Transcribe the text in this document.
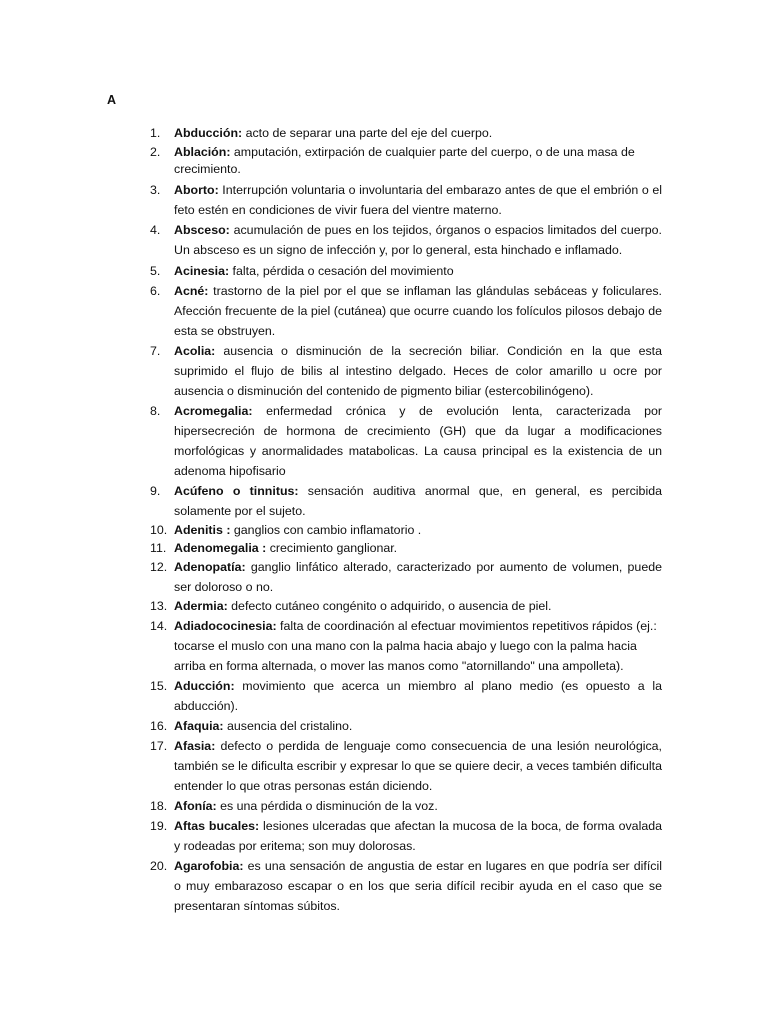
A
1.	Abducción: acto de separar una parte del eje del cuerpo.
2.	Ablación: amputación, extirpación de cualquier parte del cuerpo, o de una masa de crecimiento.
3.	Aborto: Interrupción voluntaria o involuntaria del embarazo antes de que el embrión o el feto estén en condiciones de vivir fuera del vientre materno.
4.	Absceso: acumulación de pues en los tejidos, órganos o espacios limitados del cuerpo. Un absceso es un signo de infección y, por lo general, esta hinchado e inflamado.
5.	Acinesia: falta, pérdida o cesación del movimiento
6.	Acné: trastorno de la piel por el que se inflaman las glándulas sebáceas y foliculares. Afección frecuente de la piel (cutánea) que ocurre cuando los folículos pilosos debajo de esta se obstruyen.
7.	Acolia: ausencia o disminución de la secreción biliar. Condición en la que esta suprimido el flujo de bilis al intestino delgado. Heces de color amarillo u ocre por ausencia o disminución del contenido de pigmento biliar (estercobilinógeno).
8.	Acromegalia: enfermedad crónica y de evolución lenta, caracterizada por hipersecreción de hormona de crecimiento (GH) que da lugar a modificaciones morfológicas y anormalidades matabolicas. La causa principal es la existencia de un adenoma hipofisario
9.	Acúfeno o tinnitus: sensación auditiva anormal que, en general, es percibida solamente por el sujeto.
10. Adenitis : ganglios con cambio inflamatorio .
11. Adenomegalia : crecimiento ganglionar.
12. Adenopatía: ganglio linfático alterado, caracterizado por aumento de volumen, puede ser doloroso o no.
13. Adermia: defecto cutáneo congénito o adquirido, o ausencia de piel.
14. Adiadococinesia: falta de coordinación al efectuar movimientos repetitivos rápidos (ej.: tocarse el muslo con una mano con la palma hacia abajo y luego con la palma hacia arriba en forma alternada, o mover las manos como "atornillando" una ampolleta).
15. Aducción: movimiento que acerca un miembro al plano medio (es opuesto a la abducción).
16. Afaquia: ausencia del cristalino.
17. Afasia: defecto o perdida de lenguaje como consecuencia de una lesión neurológica, también se le dificulta escribir y expresar lo que se quiere decir, a veces también dificulta entender lo que otras personas están diciendo.
18. Afonía: es una pérdida o disminución de la voz.
19. Aftas bucales: lesiones ulceradas que afectan la mucosa de la boca, de forma ovalada y rodeadas por eritema; son muy dolorosas.
20. Agarofobia: es una sensación de angustia de estar en lugares en que podría ser difícil o muy embarazoso escapar o en los que seria difícil recibir ayuda en el caso que se presentaran síntomas súbitos.
